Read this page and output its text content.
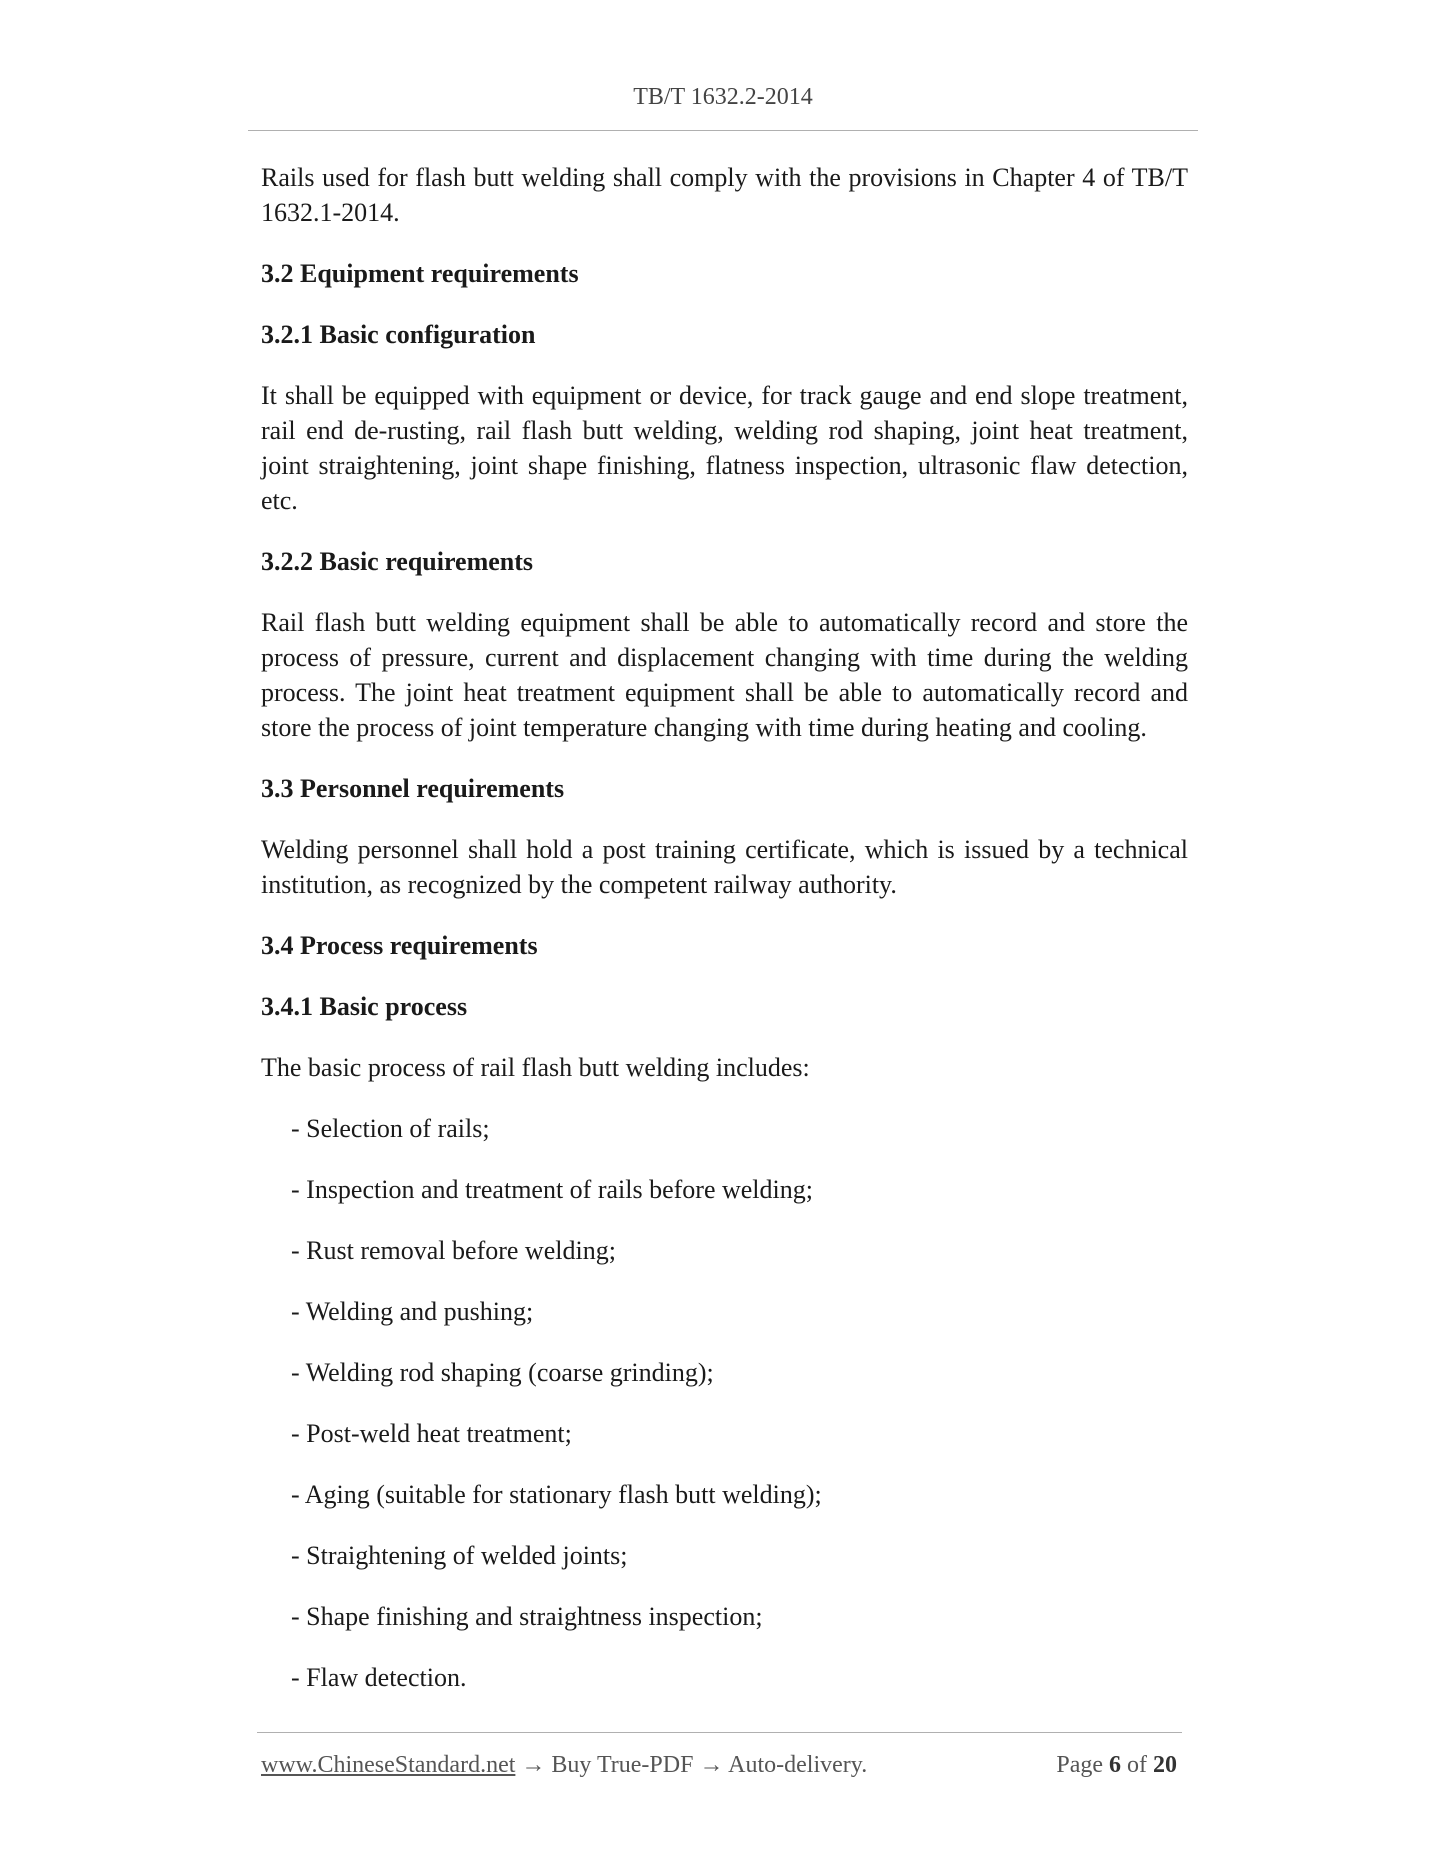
TB/T 1632.2-2014

Rails used for flash butt welding shall comply with the provisions in Chapter 4 of TB/T 1632.1-2014.

3.2 Equipment requirements

3.2.1 Basic configuration

It shall be equipped with equipment or device, for track gauge and end slope treatment, rail end de-rusting, rail flash butt welding, welding rod shaping, joint heat treatment, joint straightening, joint shape finishing, flatness inspection, ultrasonic flaw detection, etc.

3.2.2 Basic requirements

Rail flash butt welding equipment shall be able to automatically record and store the process of pressure, current and displacement changing with time during the welding process. The joint heat treatment equipment shall be able to automatically record and store the process of joint temperature changing with time during heating and cooling.

3.3 Personnel requirements

Welding personnel shall hold a post training certificate, which is issued by a technical institution, as recognized by the competent railway authority.

3.4 Process requirements

3.4.1 Basic process

The basic process of rail flash butt welding includes:

- Selection of rails;

- Inspection and treatment of rails before welding;

- Rust removal before welding;

- Welding and pushing;

- Welding rod shaping (coarse grinding);

- Post-weld heat treatment;

- Aging (suitable for stationary flash butt welding);

- Straightening of welded joints;

- Shape finishing and straightness inspection;

- Flaw detection.

www.ChineseStandard.net → Buy True-PDF → Auto-delivery.	Page 6 of 20
